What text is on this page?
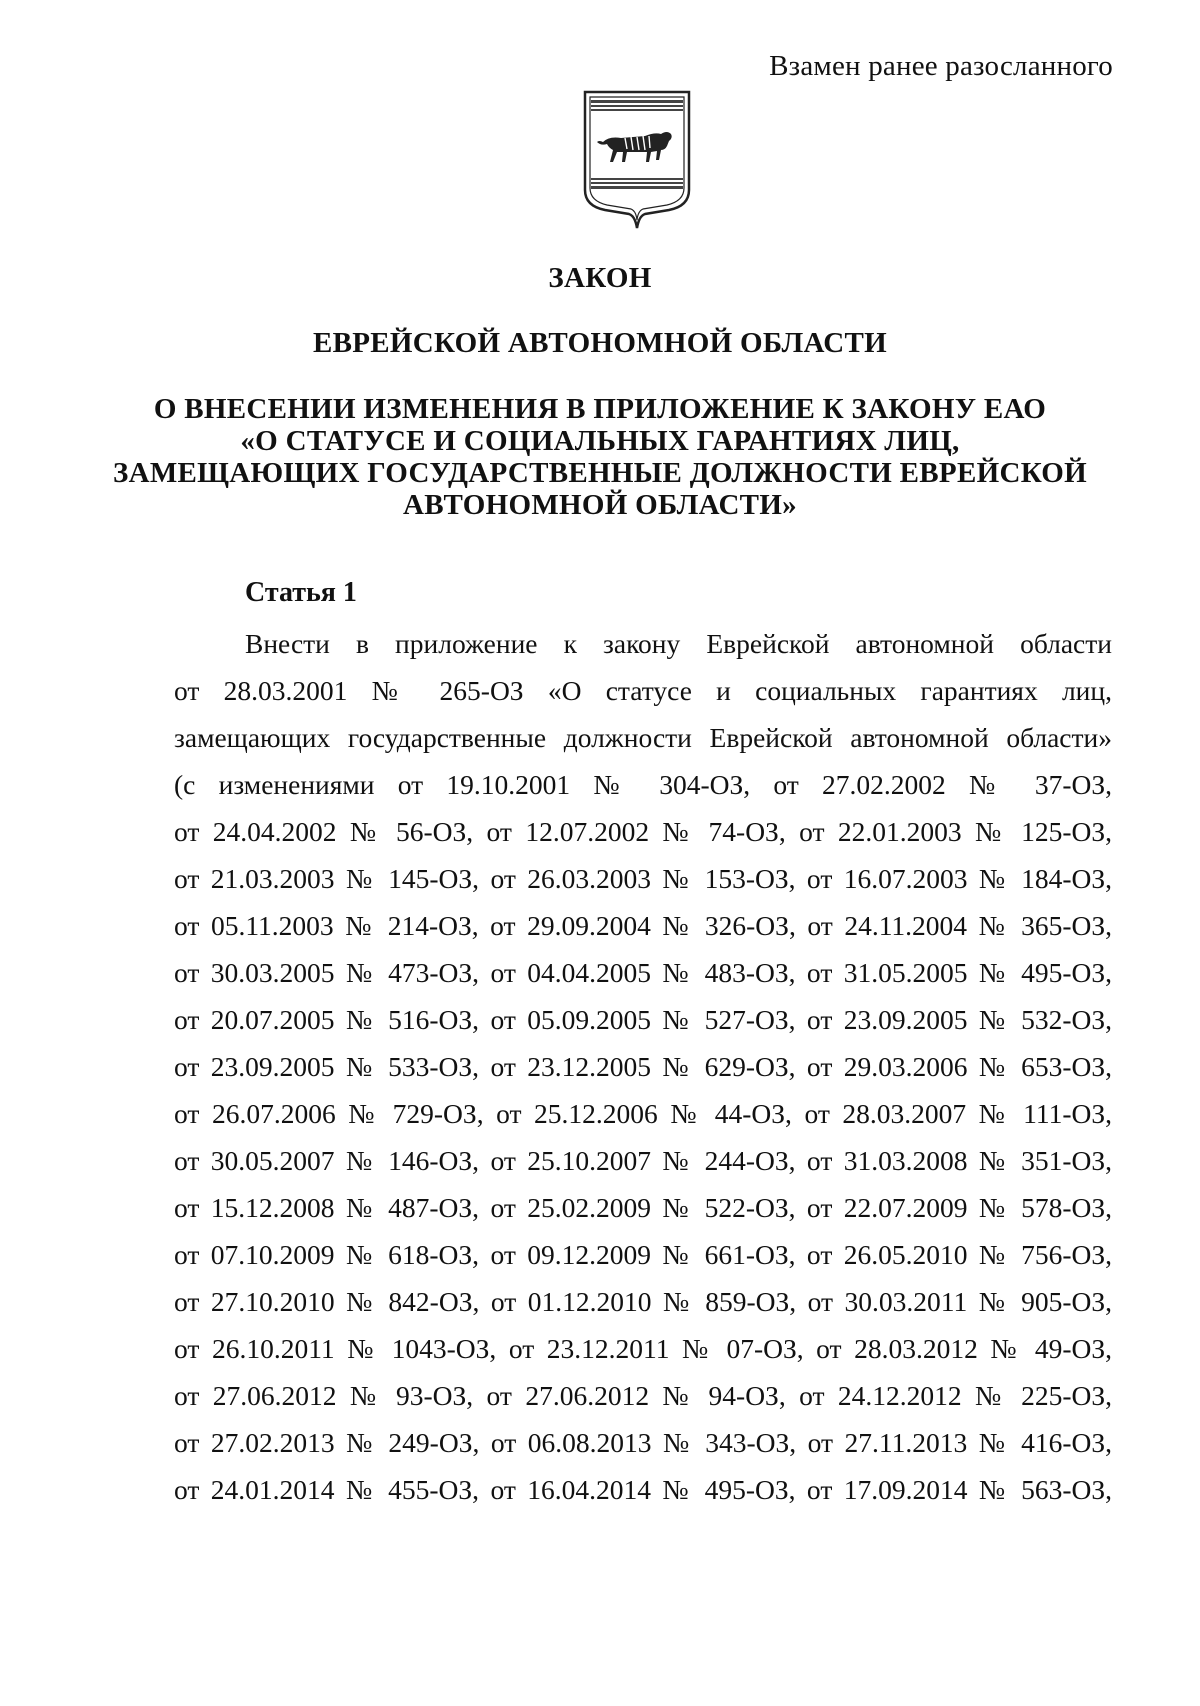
Взамен ранее разосланного
ЗАКОН
ЕВРЕЙСКОЙ АВТОНОМНОЙ ОБЛАСТИ
О ВНЕСЕНИИ ИЗМЕНЕНИЯ В ПРИЛОЖЕНИЕ К ЗАКОНУ ЕАО
«О СТАТУСЕ И СОЦИАЛЬНЫХ ГАРАНТИЯХ ЛИЦ,
ЗАМЕЩАЮЩИХ ГОСУДАРСТВЕННЫЕ ДОЛЖНОСТИ ЕВРЕЙСКОЙ
АВТОНОМНОЙ ОБЛАСТИ»
Статья 1
Внести в приложение к закону Еврейской автономной области
от 28.03.2001 № 265-ОЗ «О статусе и социальных гарантиях лиц,
замещающих государственные должности Еврейской автономной области»
(с изменениями от 19.10.2001 № 304-ОЗ, от 27.02.2002 № 37-ОЗ,
от 24.04.2002 № 56-ОЗ, от 12.07.2002 № 74-ОЗ, от 22.01.2003 № 125-ОЗ,
от 21.03.2003 № 145-ОЗ, от 26.03.2003 № 153-ОЗ, от 16.07.2003 № 184-ОЗ,
от 05.11.2003 № 214-ОЗ, от 29.09.2004 № 326-ОЗ, от 24.11.2004 № 365-ОЗ,
от 30.03.2005 № 473-ОЗ, от 04.04.2005 № 483-ОЗ, от 31.05.2005 № 495-ОЗ,
от 20.07.2005 № 516-ОЗ, от 05.09.2005 № 527-ОЗ, от 23.09.2005 № 532-ОЗ,
от 23.09.2005 № 533-ОЗ, от 23.12.2005 № 629-ОЗ, от 29.03.2006 № 653-ОЗ,
от 26.07.2006 № 729-ОЗ, от 25.12.2006 № 44-ОЗ, от 28.03.2007 № 111-ОЗ,
от 30.05.2007 № 146-ОЗ, от 25.10.2007 № 244-ОЗ, от 31.03.2008 № 351-ОЗ,
от 15.12.2008 № 487-ОЗ, от 25.02.2009 № 522-ОЗ, от 22.07.2009 № 578-ОЗ,
от 07.10.2009 № 618-ОЗ, от 09.12.2009 № 661-ОЗ, от 26.05.2010 № 756-ОЗ,
от 27.10.2010 № 842-ОЗ, от 01.12.2010 № 859-ОЗ, от 30.03.2011 № 905-ОЗ,
от 26.10.2011 № 1043-ОЗ, от 23.12.2011 № 07-ОЗ, от 28.03.2012 № 49-ОЗ,
от 27.06.2012 № 93-ОЗ, от 27.06.2012 № 94-ОЗ, от 24.12.2012 № 225-ОЗ,
от 27.02.2013 № 249-ОЗ, от 06.08.2013 № 343-ОЗ, от 27.11.2013 № 416-ОЗ,
от 24.01.2014 № 455-ОЗ, от 16.04.2014 № 495-ОЗ, от 17.09.2014 № 563-ОЗ,
